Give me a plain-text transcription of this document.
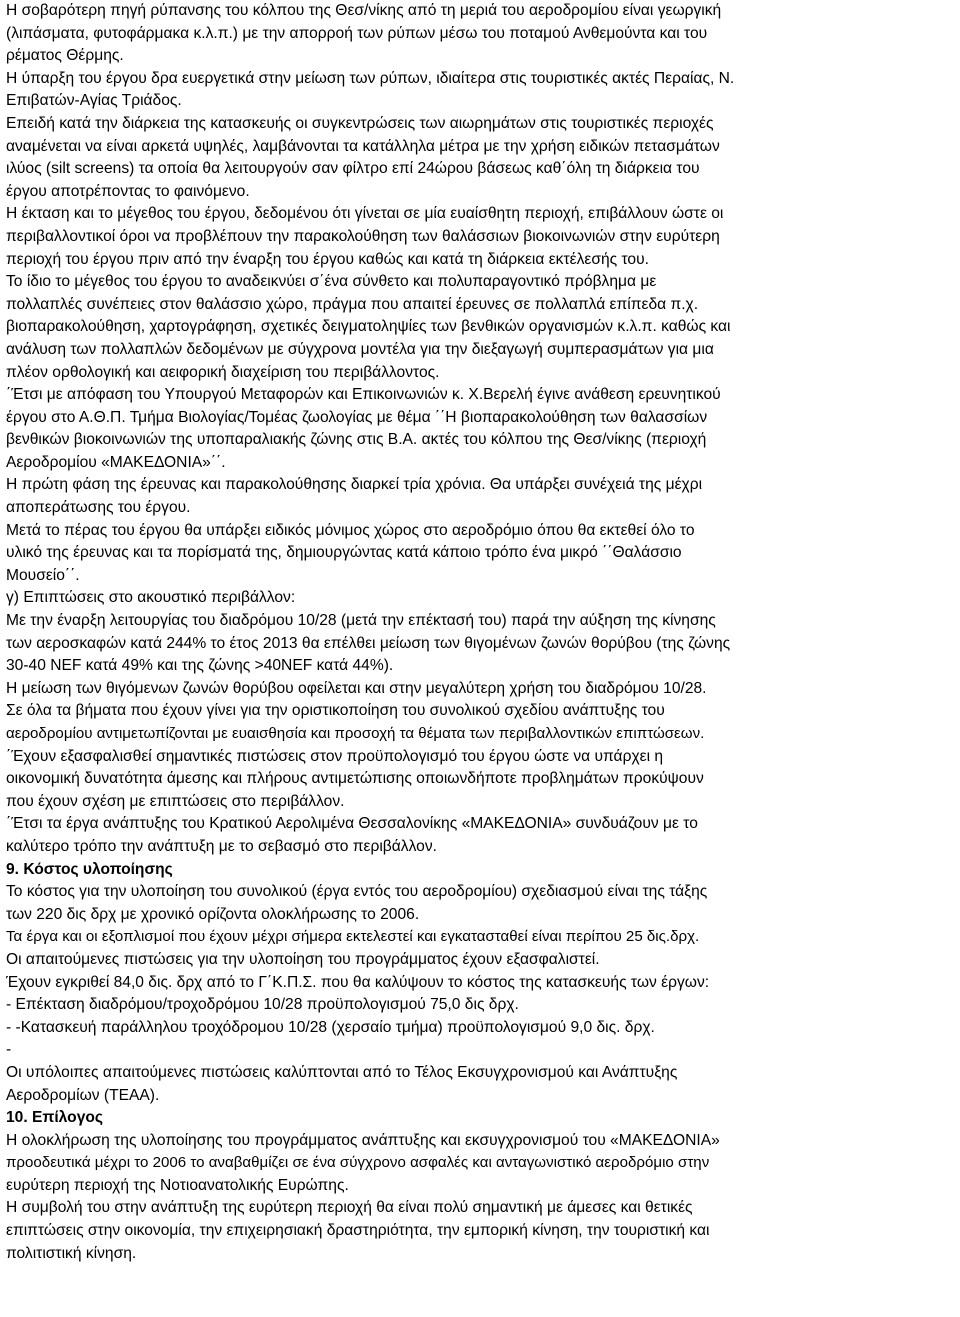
Η σοβαρότερη πηγή ρύπανσης του κόλπου της Θεσ/νίκης από τη μεριά του αεροδρομίου είναι γεωργική
(λιπάσματα, φυτοφάρμακα κ.λ.π.) με την απορροή των ρύπων μέσω του ποταμού Ανθεμούντα και του
ρέματος Θέρμης.
Η ύπαρξη του έργου δρα ευεργετικά στην μείωση των ρύπων, ιδιαίτερα στις τουριστικές ακτές Περαίας, Ν.
Επιβατών-Αγίας Τριάδος.
Επειδή κατά την διάρκεια της κατασκευής οι συγκεντρώσεις των αιωρημάτων στις τουριστικές περιοχές
αναμένεται να είναι αρκετά υψηλές, λαμβάνονται τα κατάλληλα μέτρα με την χρήση ειδικών πετασμάτων
ιλύος (silt screens) τα οποία θα λειτουργούν σαν φίλτρο επί 24ώρου βάσεως καθ΄όλη τη διάρκεια του
έργου αποτρέποντας το φαινόμενο.
Η έκταση και το μέγεθος του έργου, δεδομένου ότι γίνεται σε μία ευαίσθητη περιοχή, επιβάλλουν ώστε οι
περιβαλλοντικοί όροι να προβλέπουν την παρακολούθηση των θαλάσσιων βιοκοινωνιών στην ευρύτερη
περιοχή του έργου πριν από την έναρξη του έργου καθώς και κατά τη διάρκεια εκτέλεσής του.
Το ίδιο το μέγεθος του έργου το αναδεικνύει σ΄ένα σύνθετο και πολυπαραγοντικό πρόβλημα με
πολλαπλές συνέπειες στον θαλάσσιο χώρο, πράγμα που απαιτεί έρευνες σε πολλαπλά επίπεδα π.χ.
βιοπαρακολούθηση, χαρτογράφηση, σχετικές δειγματοληψίες των βενθικών οργανισμών κ.λ.π. καθώς και
ανάλυση των πολλαπλών δεδομένων με σύγχρονα μοντέλα για την διεξαγωγή συμπερασμάτων για μια
πλέον ορθολογική και αειφορική διαχείριση του περιβάλλοντος.
΄Έτσι με απόφαση του Υπουργού Μεταφορών και Επικοινωνιών κ. Χ.Βερελή έγινε ανάθεση ερευνητικού
έργου στο Α.Θ.Π. Τμήμα Βιολογίας/Τομέας ζωολογίας με θέμα ΄΄Η βιοπαρακολούθηση των θαλασσίων
βενθικών βιοκοινωνιών της υποπαραλιακής ζώνης στις Β.Α. ακτές του κόλπου της Θεσ/νίκης (περιοχή
Αεροδρομίου «ΜΑΚΕΔΟΝΙΑ»΄΄.
Η πρώτη φάση της έρευνας και παρακολούθησης διαρκεί τρία χρόνια. Θα υπάρξει συνέχειά της μέχρι
αποπεράτωσης του έργου.
Μετά το πέρας του έργου θα υπάρξει ειδικός μόνιμος χώρος στο αεροδρόμιο όπου θα εκτεθεί όλο το
υλικό της έρευνας και τα πορίσματά της, δημιουργώντας κατά κάποιο τρόπο ένα μικρό ΄΄Θαλάσσιο
Μουσείο΄΄.
γ) Επιπτώσεις στο ακουστικό περιβάλλον:
Με την έναρξη λειτουργίας του διαδρόμου 10/28 (μετά την επέκτασή του) παρά την αύξηση της κίνησης
των αεροσκαφών κατά 244% το έτος 2013 θα επέλθει μείωση των θιγομένων ζωνών θορύβου (της ζώνης
30-40 NEF κατά 49% και της ζώνης >40NEF κατά 44%).
Η μείωση των θιγόμενων ζωνών θορύβου οφείλεται και στην μεγαλύτερη χρήση του διαδρόμου 10/28.
Σε όλα τα βήματα που έχουν γίνει για την οριστικοποίηση του συνολικού σχεδίου ανάπτυξης του
αεροδρομίου αντιμετωπίζονται με ευαισθησία και προσοχή τα θέματα των περιβαλλοντικών επιπτώσεων.
΄Έχουν εξασφαλισθεί σημαντικές πιστώσεις στον προϋπολογισμό του έργου ώστε να υπάρχει η
οικονομική δυνατότητα άμεσης και πλήρους αντιμετώπισης οποιωνδήποτε προβλημάτων προκύψουν
που έχουν σχέση με επιπτώσεις στο περιβάλλον.
΄Έτσι τα έργα ανάπτυξης του Κρατικού Αερολιμένα Θεσσαλονίκης «ΜΑΚΕΔΟΝΙΑ» συνδυάζουν με το
καλύτερο τρόπο την ανάπτυξη με το σεβασμό στο περιβάλλον.
9. Κόστος υλοποίησης
Το κόστος για την υλοποίηση του συνολικού (έργα εντός του αεροδρομίου) σχεδιασμού είναι της τάξης
των 220 δις δρχ με χρονικό ορίζοντα ολοκλήρωσης το 2006.
Τα έργα και οι εξοπλισμοί που έχουν μέχρι σήμερα εκτελεστεί και εγκατασταθεί είναι περίπου 25 δις.δρχ.
Οι απαιτούμενες πιστώσεις για την υλοποίηση του προγράμματος έχουν εξασφαλιστεί.
Έχουν εγκριθεί 84,0 δις. δρχ από το Γ΄Κ.Π.Σ. που θα καλύψουν το κόστος της κατασκευής των έργων:
- Επέκταση διαδρόμου/τροχοδρόμου 10/28 προϋπολογισμού 75,0 δις δρχ.
- -Κατασκευή παράλληλου τροχόδρομου 10/28 (χερσαίο τμήμα) προϋπολογισμού 9,0 δις. δρχ.
-
Οι υπόλοιπες απαιτούμενες πιστώσεις καλύπτονται από το Τέλος Εκσυγχρονισμού και Ανάπτυξης
Αεροδρομίων (ΤΕΑΑ).
10. Επίλογος
Η ολοκλήρωση της υλοποίησης του προγράμματος ανάπτυξης και εκσυγχρονισμού του «ΜΑΚΕΔΟΝΙΑ»
προοδευτικά μέχρι το 2006 το αναβαθμίζει σε ένα σύγχρονο ασφαλές και ανταγωνιστικό αεροδρόμιο στην
ευρύτερη περιοχή της Νοτιοανατολικής Ευρώπης.
Η συμβολή του στην ανάπτυξη της ευρύτερη περιοχή θα είναι πολύ σημαντική με άμεσες και θετικές
επιπτώσεις στην οικονομία, την επιχειρησιακή δραστηριότητα, την εμπορική κίνηση, την τουριστική και
πολιτιστική κίνηση.
